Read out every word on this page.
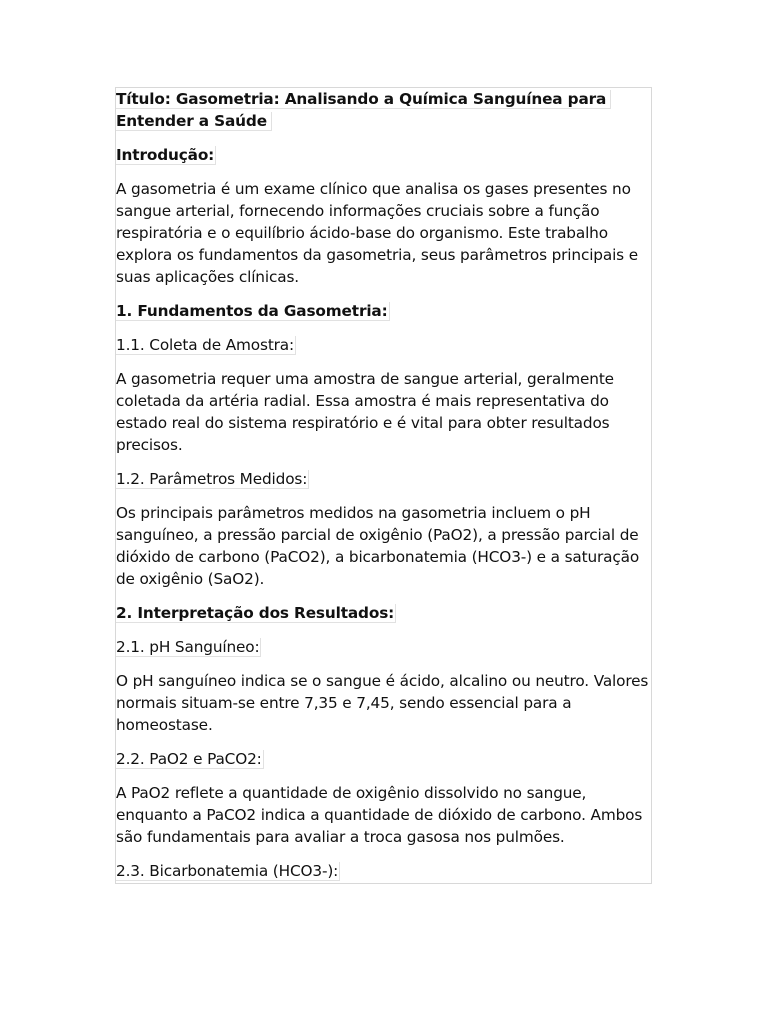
Título: Gasometria: Analisando a Química Sanguínea para Entender a Saúde
Introdução:

A gasometria é um exame clínico que analisa os gases presentes no sangue arterial, fornecendo informações cruciais sobre a função respiratória e o equilíbrio ácido-base do organismo. Este trabalho explora os fundamentos da gasometria, seus parâmetros principais e suas aplicações clínicas.

1. Fundamentos da Gasometria:
1.1. Coleta de Amostra:

A gasometria requer uma amostra de sangue arterial, geralmente coletada da artéria radial. Essa amostra é mais representativa do estado real do sistema respiratório e é vital para obter resultados precisos.

1.2. Parâmetros Medidos:

Os principais parâmetros medidos na gasometria incluem o pH sanguíneo, a pressão parcial de oxigênio (PaO2), a pressão parcial de dióxido de carbono (PaCO2), a bicarbonatemia (HCO3-) e a saturação de oxigênio (SaO2).

2. Interpretação dos Resultados:
2.1. pH Sanguíneo:

O pH sanguíneo indica se o sangue é ácido, alcalino ou neutro. Valores normais situam-se entre 7,35 e 7,45, sendo essencial para a homeostase.

2.2. PaO2 e PaCO2:

A PaO2 reflete a quantidade de oxigênio dissolvido no sangue, enquanto a PaCO2 indica a quantidade de dióxido de carbono. Ambos são fundamentais para avaliar a troca gasosa nos pulmões.

2.3. Bicarbonatemia (HCO3-):
